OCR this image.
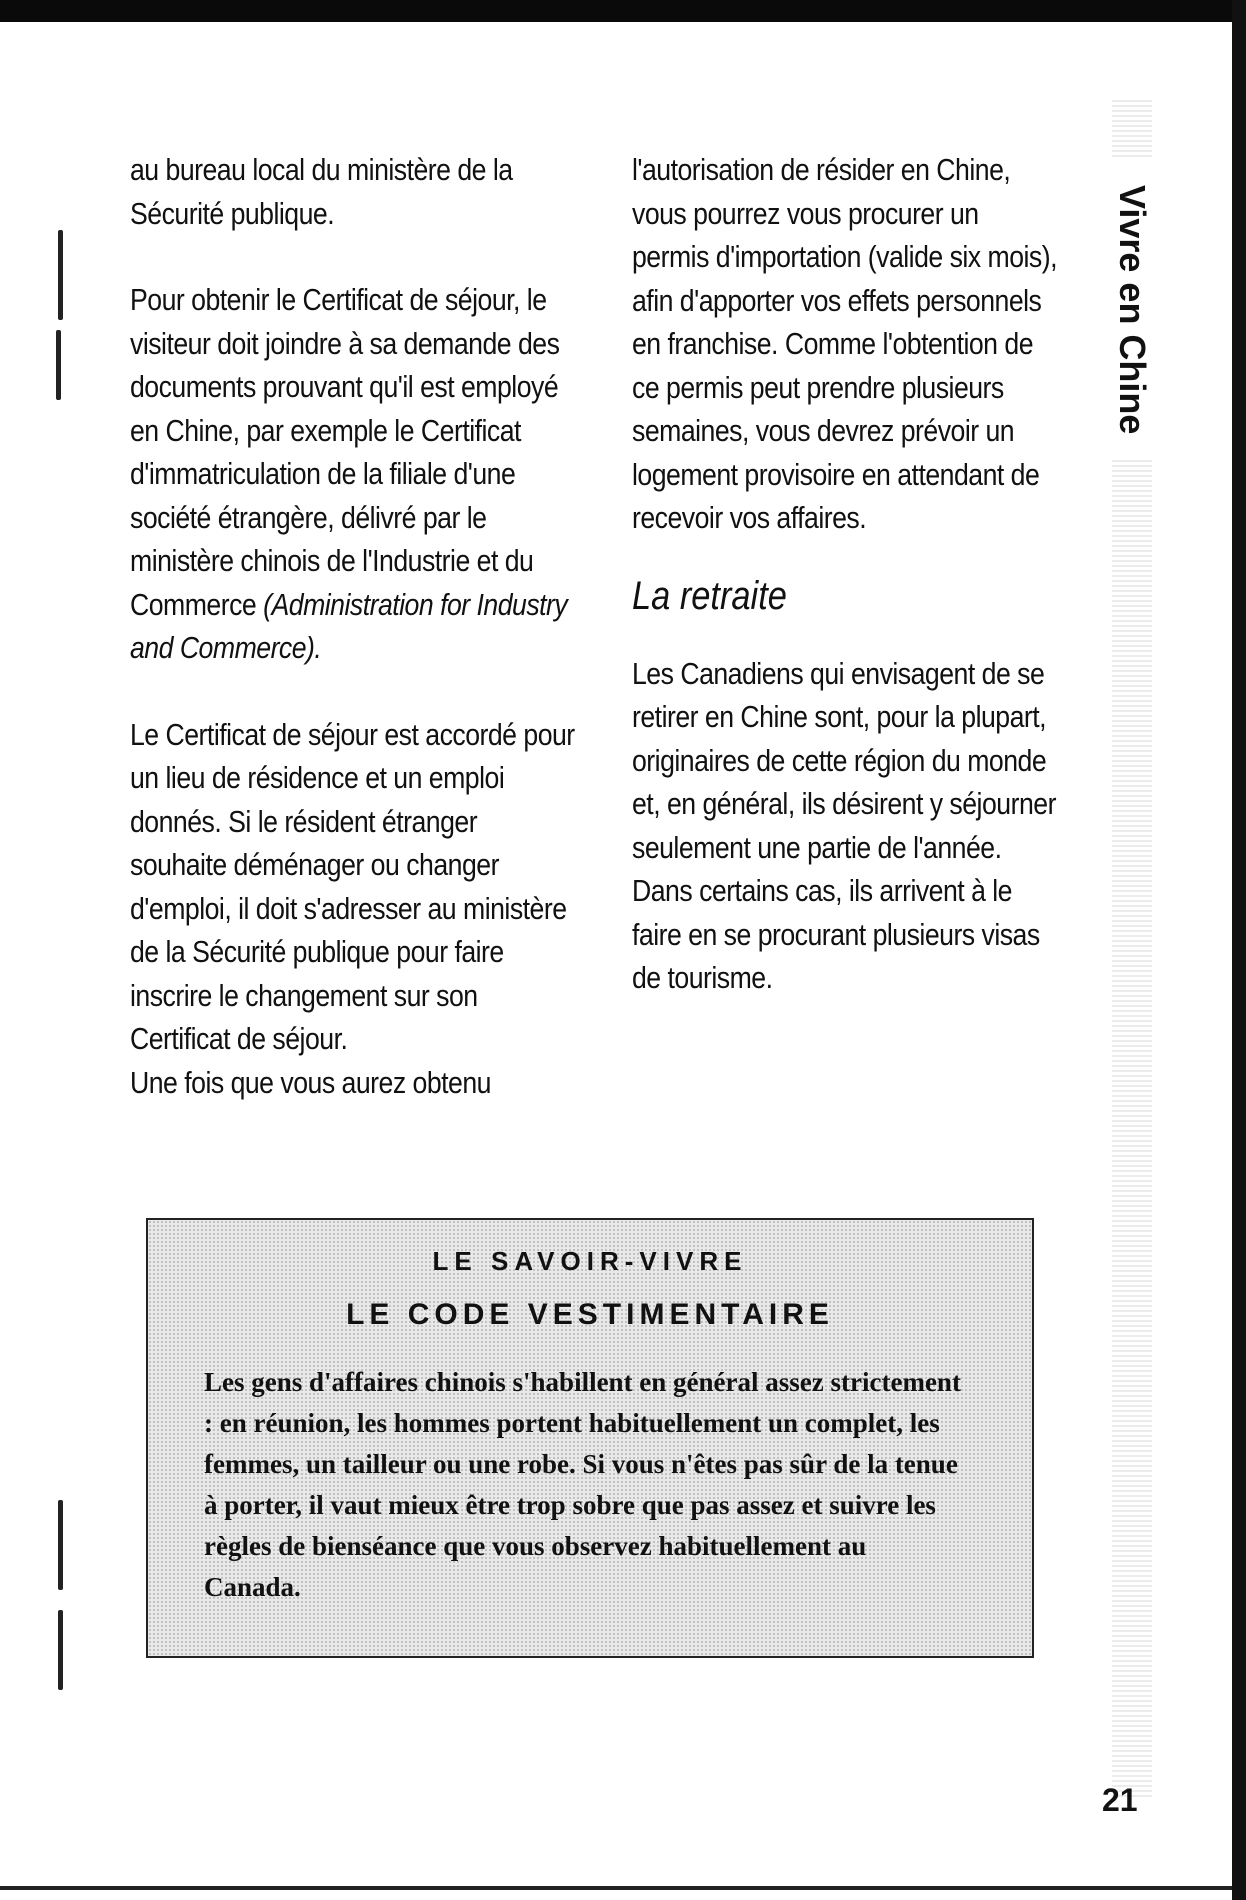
Vivre en Chine

au bureau local du ministère de la Sécurité publique.

Pour obtenir le Certificat de séjour, le visiteur doit joindre à sa demande des documents prouvant qu'il est employé en Chine, par exemple le Certificat d'immatriculation de la filiale d'une société étrangère, délivré par le ministère chinois de l'Industrie et du Commerce (Administration for Industry and Commerce).

Le Certificat de séjour est accordé pour un lieu de résidence et un emploi donnés. Si le résident étranger souhaite déménager ou changer d'emploi, il doit s'adresser au ministère de la Sécurité publique pour faire inscrire le changement sur son Certificat de séjour.

Une fois que vous aurez obtenu

l'autorisation de résider en Chine, vous pourrez vous procurer un permis d'importation (valide six mois), afin d'apporter vos effets personnels en franchise. Comme l'obtention de ce permis peut prendre plusieurs semaines, vous devrez prévoir un logement provisoire en attendant de recevoir vos affaires.

La retraite

Les Canadiens qui envisagent de se retirer en Chine sont, pour la plupart, originaires de cette région du monde et, en général, ils désirent y séjourner seulement une partie de l'année. Dans certains cas, ils arrivent à le faire en se procurant plusieurs visas de tourisme.

LE SAVOIR-VIVRE
LE CODE VESTIMENTAIRE

Les gens d'affaires chinois s'habillent en général assez strictement : en réunion, les hommes portent habituellement un complet, les femmes, un tailleur ou une robe. Si vous n'êtes pas sûr de la tenue à porter, il vaut mieux être trop sobre que pas assez et suivre les règles de bienséance que vous observez habituellement au Canada.

21
